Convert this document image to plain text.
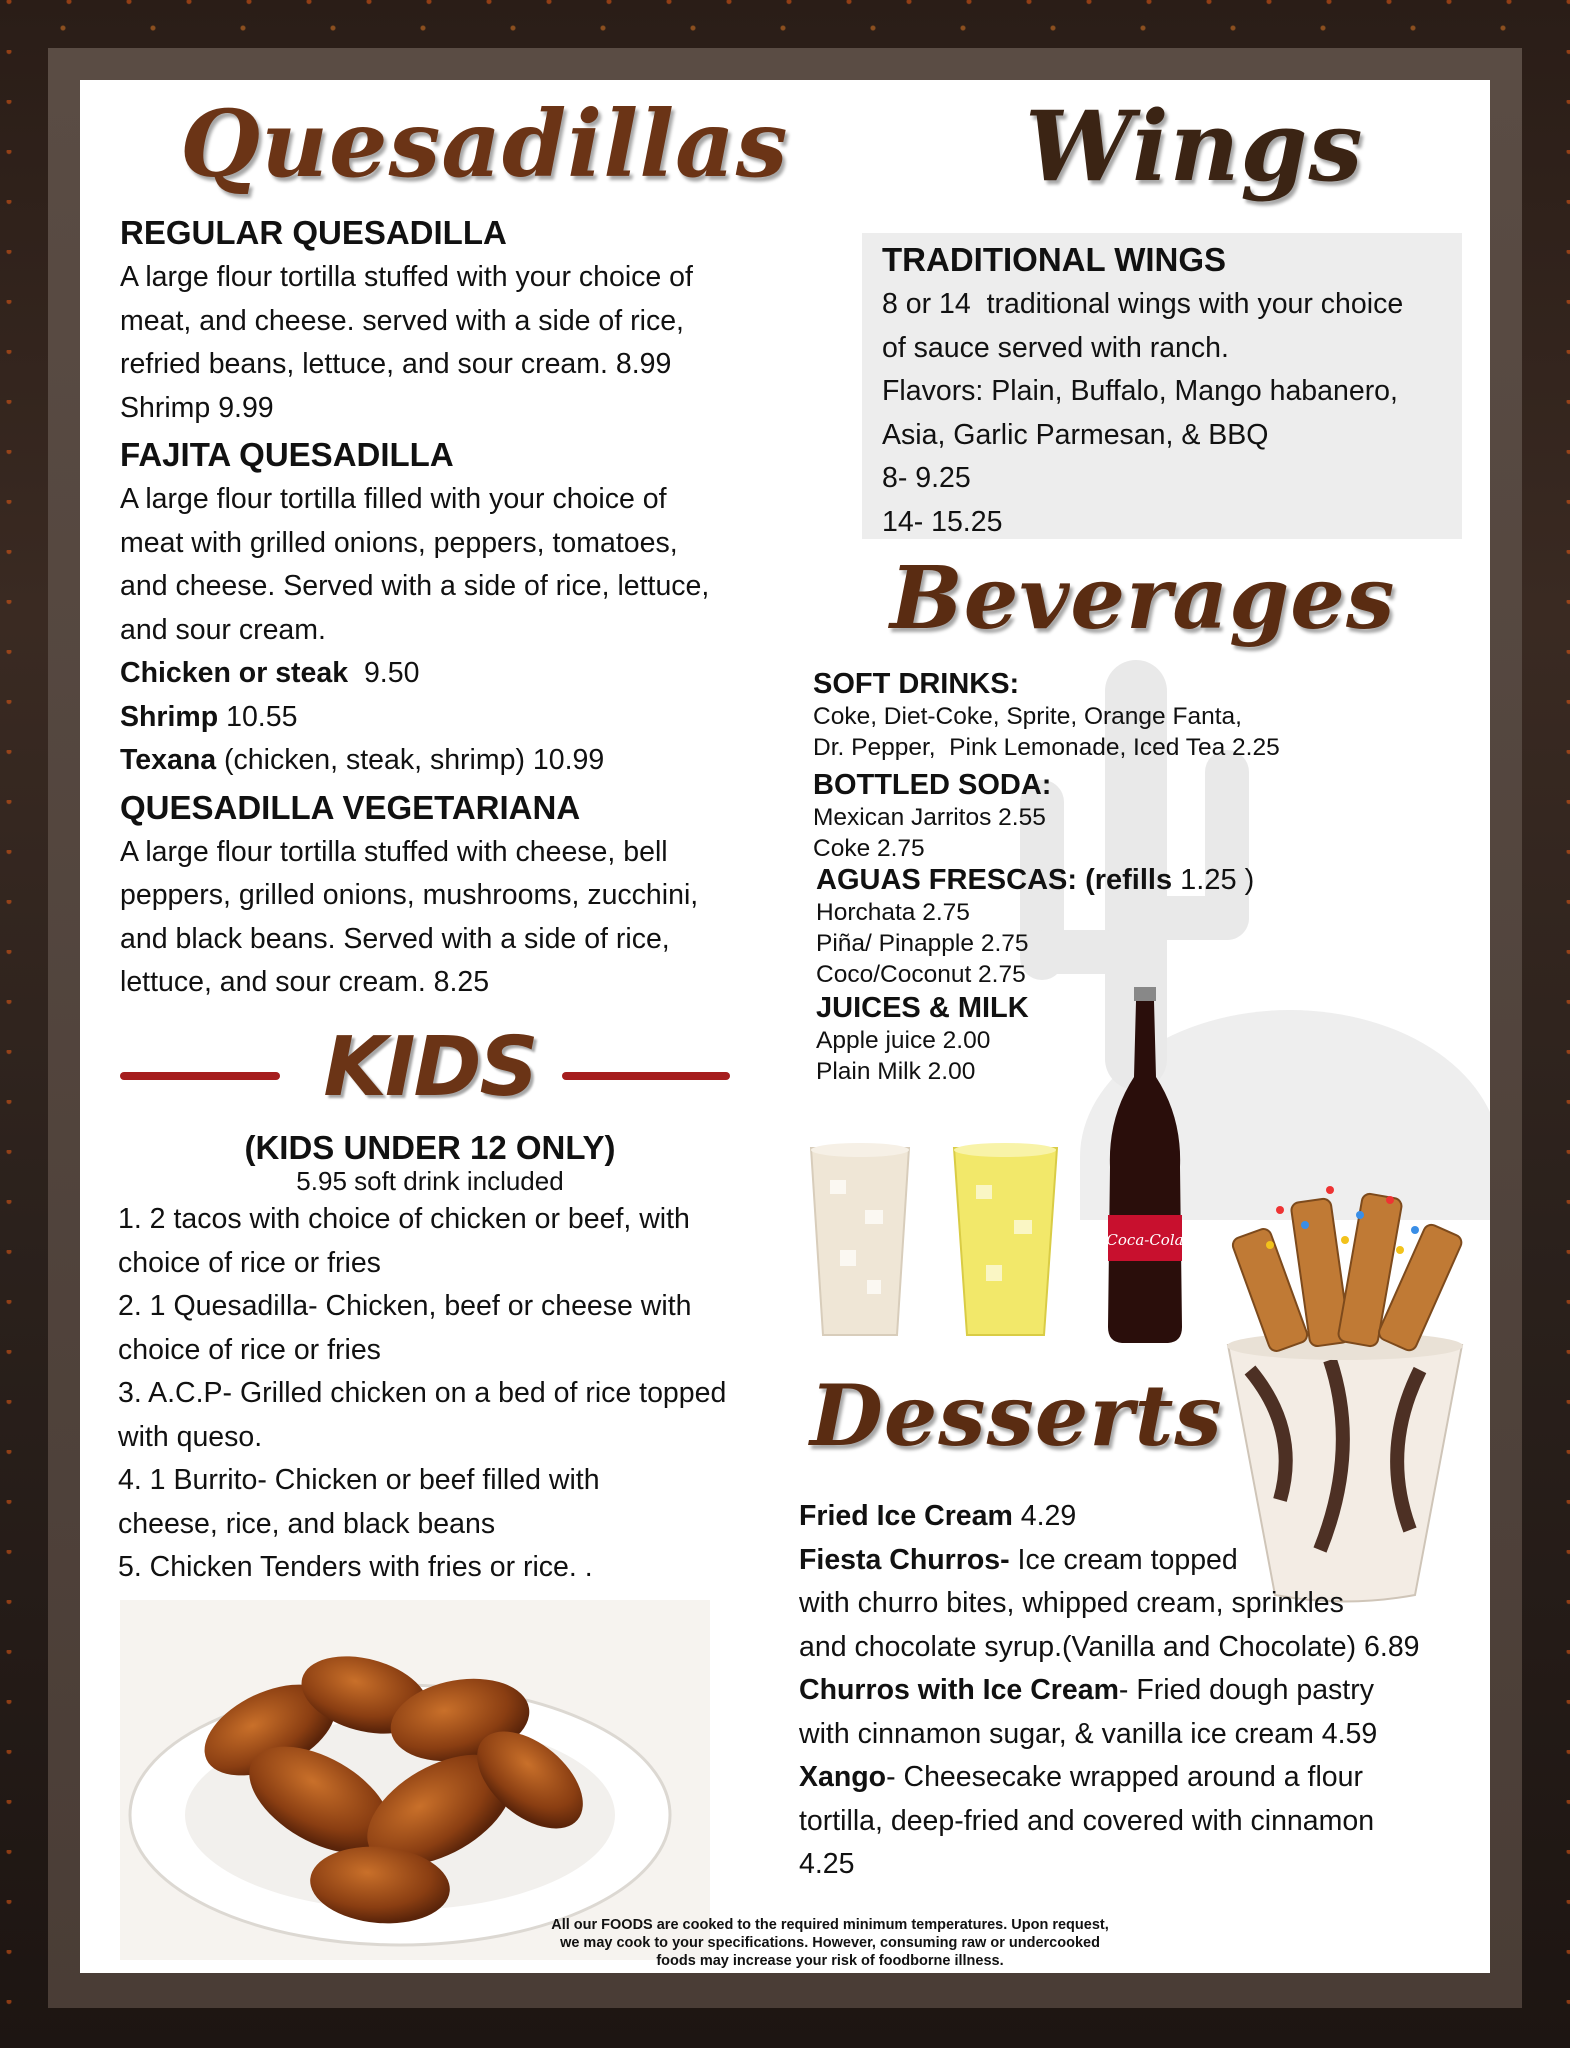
Quesadillas Wings
REGULAR QUESADILLA
A large flour tortilla stuffed with your choice of
meat, and cheese. served with a side of rice,
refried beans, lettuce, and sour cream. 8.99
Shrimp 9.99
FAJITA QUESADILLA
A large flour tortilla filled with your choice of
meat with grilled onions, peppers, tomatoes,
and cheese. Served with a side of rice, lettuce,
and sour cream.
Chicken or steak  9.50
Shrimp 10.55
Texana (chicken, steak, shrimp) 10.99
QUESADILLA VEGETARIANA
A large flour tortilla stuffed with cheese, bell
peppers, grilled onions, mushrooms, zucchini,
and black beans. Served with a side of rice,
lettuce, and sour cream. 8.25
TRADITIONAL WINGS
8 or 14  traditional wings with your choice
of sauce served with ranch.
Flavors: Plain, Buffalo, Mango habanero,
Asia, Garlic Parmesan, & BBQ
8- 9.25
14- 15.25
Beverages
SOFT DRINKS:
Coke, Diet-Coke, Sprite, Orange Fanta,
Dr. Pepper,  Pink Lemonade, Iced Tea 2.25
BOTTLED SODA:
Mexican Jarritos 2.55
Coke 2.75
AGUAS FRESCAS: (refills 1.25 )
Horchata 2.75
Piña/ Pinapple 2.75
Coco/Coconut 2.75
JUICES & MILK
Apple juice 2.00
Plain Milk 2.00
Coca-Cola
Desserts
Fried Ice Cream 4.29
Fiesta Churros- Ice cream topped
with churro bites, whipped cream, sprinkles
and chocolate syrup.(Vanilla and Chocolate) 6.89
Churros with Ice Cream- Fried dough pastry
with cinnamon sugar, & vanilla ice cream 4.59
Xango- Cheesecake wrapped around a flour
tortilla, deep-fried and covered with cinnamon
4.25
KIDS
(KIDS UNDER 12 ONLY)
5.95 soft drink included
1. 2 tacos with choice of chicken or beef, with
choice of rice or fries
2. 1 Quesadilla- Chicken, beef or cheese with
choice of rice or fries
3. A.C.P- Grilled chicken on a bed of rice topped
with queso.
4. 1 Burrito- Chicken or beef filled with
cheese, rice, and black beans
5. Chicken Tenders with fries or rice. .
All our FOODS are cooked to the required minimum temperatures. Upon request,
we may cook to your specifications. However, consuming raw or undercooked
foods may increase your risk of foodborne illness.
